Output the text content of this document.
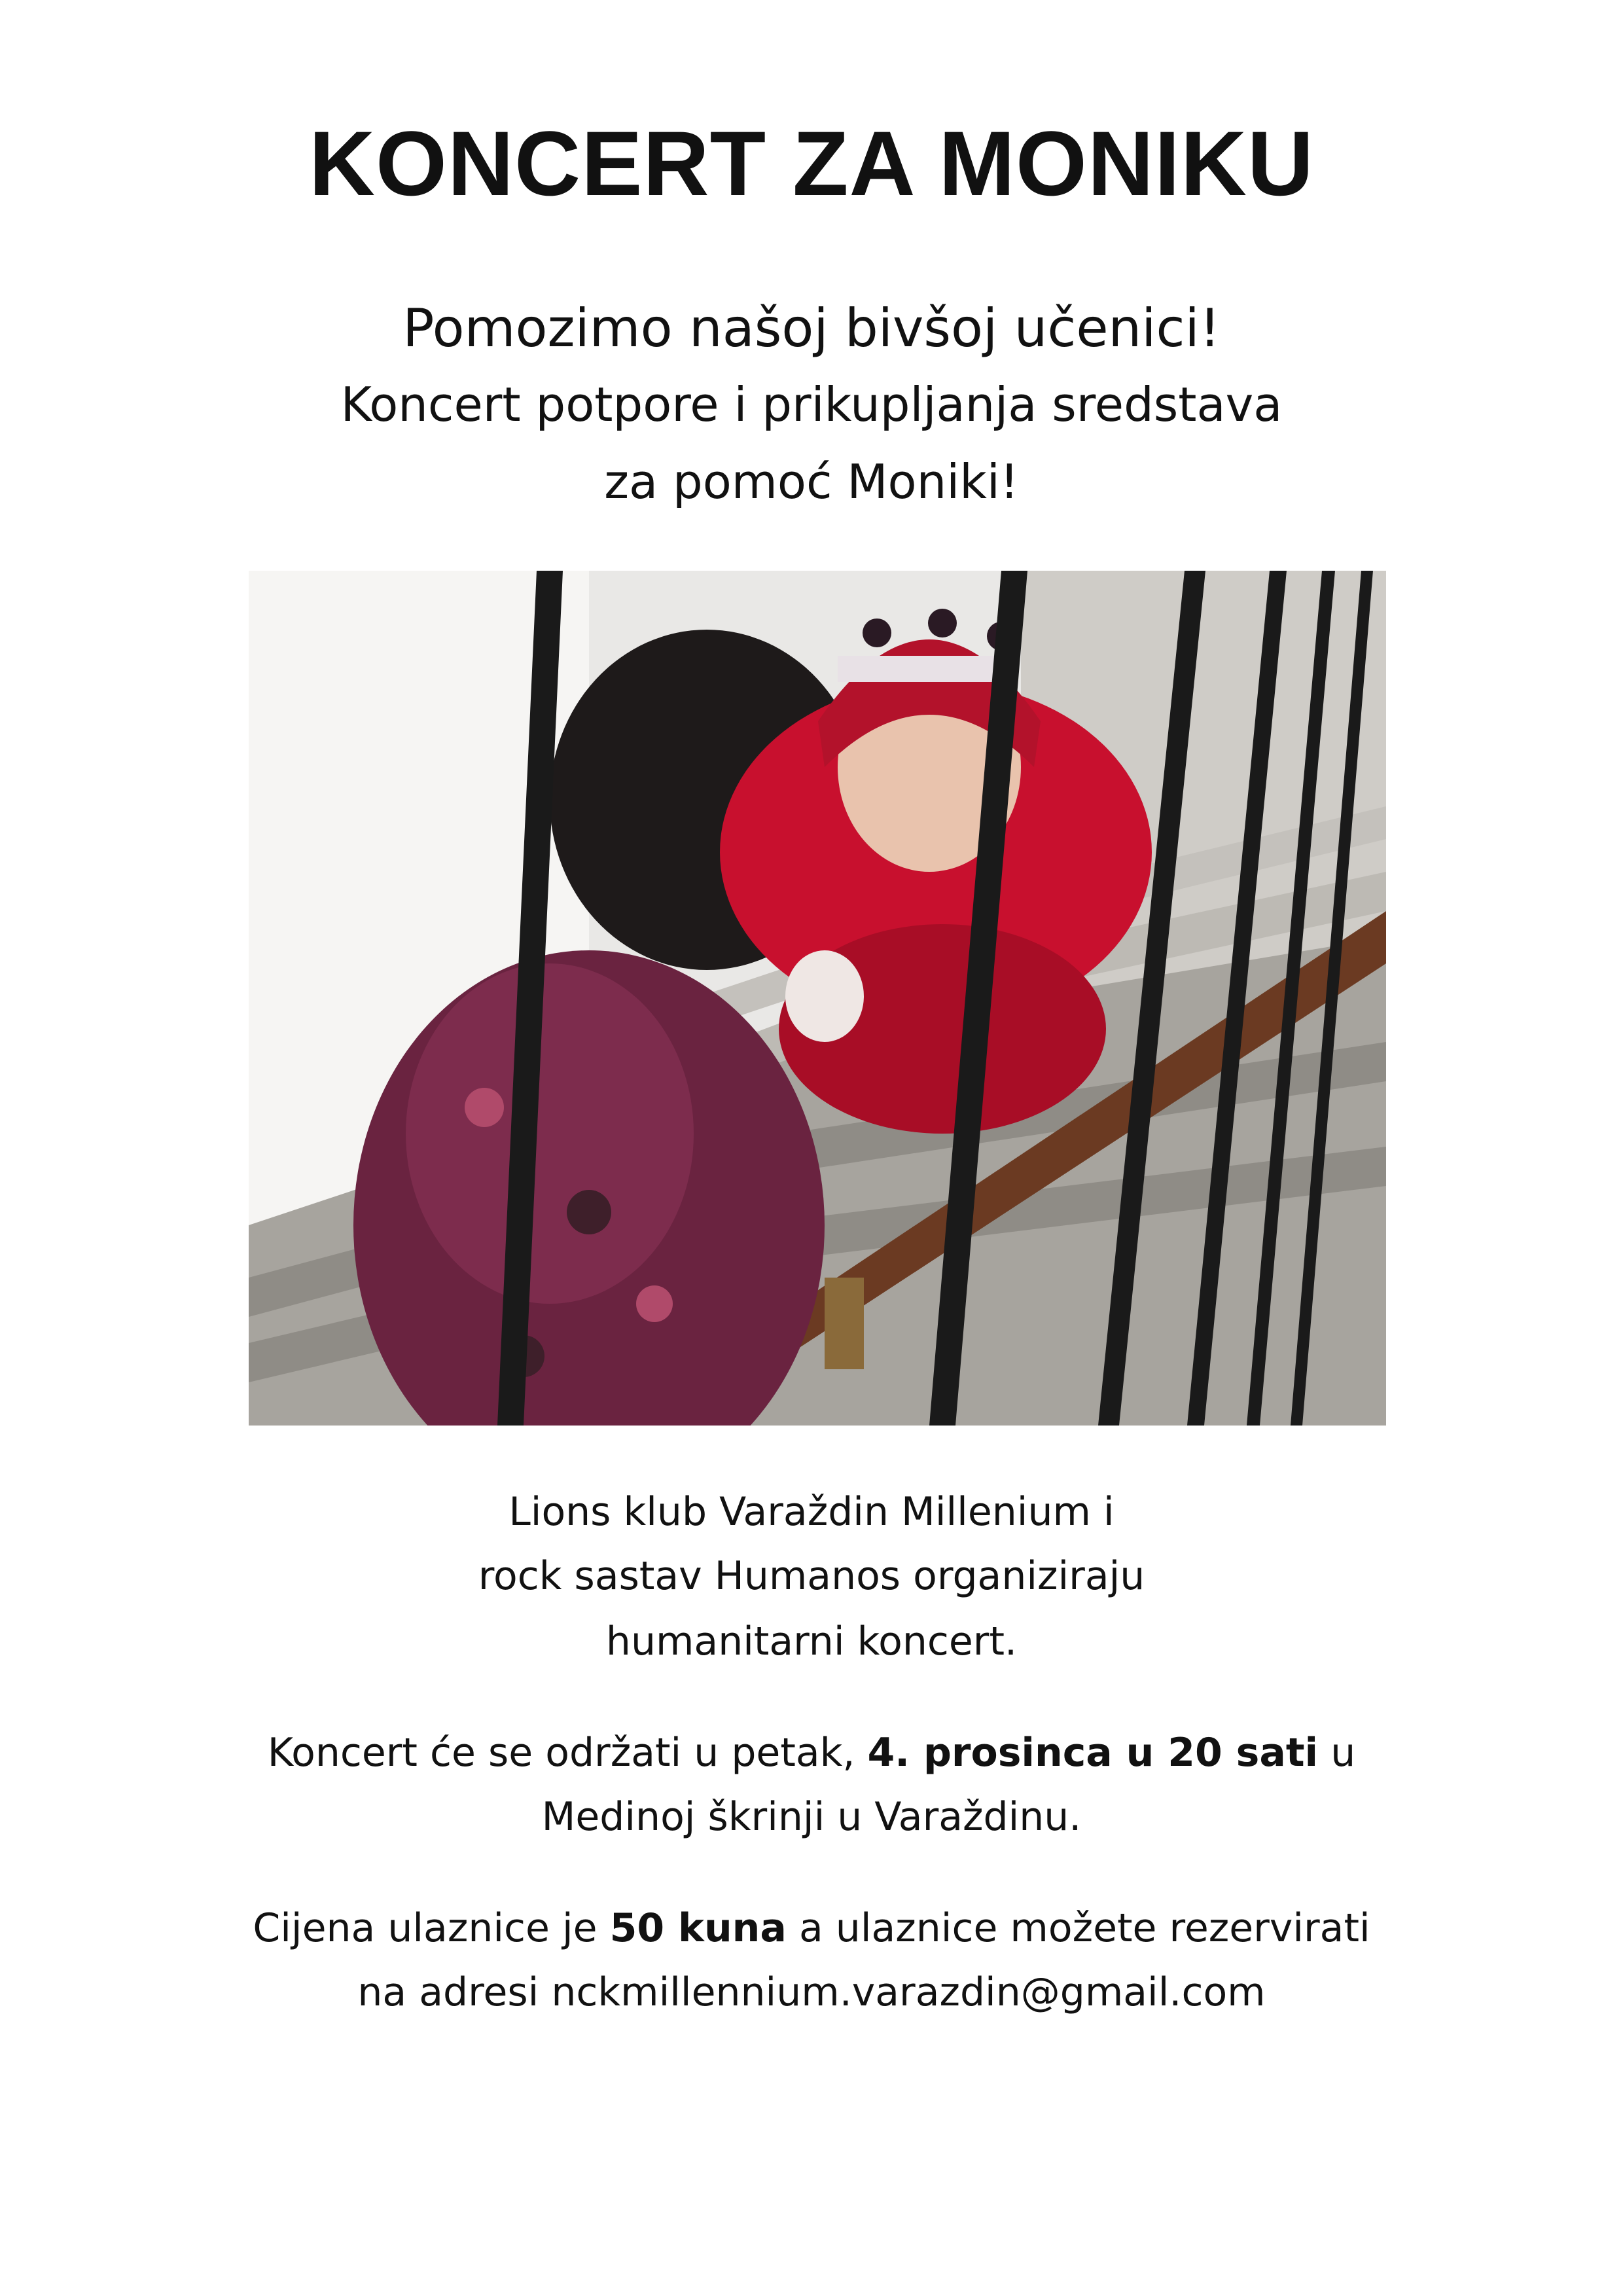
KONCERT ZA MONIKU
Pomozimo našoj bivšoj učenici!
Koncert potpore i prikupljanja sredstava
za pomoć Moniki!
Lions klub Varaždin Millenium i
rock sastav Humanos organiziraju
humanitarni koncert.
Koncert će se održati u petak, 4. prosinca u 20 sati u
Medinoj škrinji u Varaždinu.
Cijena ulaznice je 50 kuna a ulaznice možete rezervirati
na adresi nckmillennium.varazdin@gmail.com
